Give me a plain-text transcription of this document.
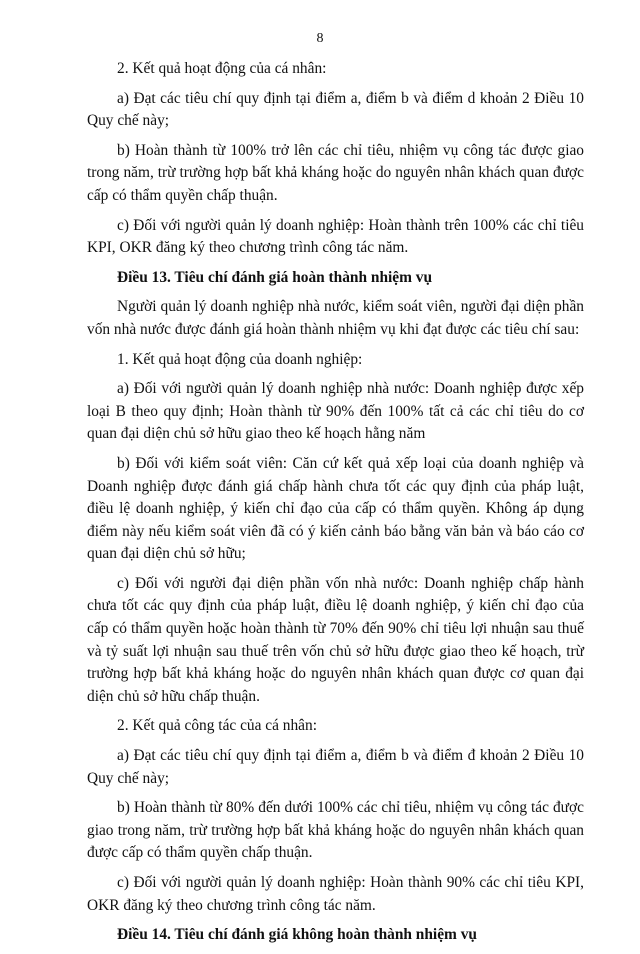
8

2. Kết quả hoạt động của cá nhân:

a) Đạt các tiêu chí quy định tại điểm a, điểm b và điểm d khoản 2 Điều 10 Quy chế này;

b) Hoàn thành từ 100% trở lên các chỉ tiêu, nhiệm vụ công tác được giao trong năm, trừ trường hợp bất khả kháng hoặc do nguyên nhân khách quan được cấp có thẩm quyền chấp thuận.

c) Đối với người quản lý doanh nghiệp: Hoàn thành trên 100% các chỉ tiêu KPI, OKR đăng ký theo chương trình công tác năm.

Điều 13. Tiêu chí đánh giá hoàn thành nhiệm vụ

Người quản lý doanh nghiệp nhà nước, kiểm soát viên, người đại diện phần vốn nhà nước được đánh giá hoàn thành nhiệm vụ khi đạt được các tiêu chí sau:

1. Kết quả hoạt động của doanh nghiệp:

a) Đối với người quản lý doanh nghiệp nhà nước: Doanh nghiệp được xếp loại B theo quy định; Hoàn thành từ 90% đến 100% tất cả các chỉ tiêu do cơ quan đại diện chủ sở hữu giao theo kế hoạch hằng năm

b) Đối với kiểm soát viên: Căn cứ kết quả xếp loại của doanh nghiệp và Doanh nghiệp được đánh giá chấp hành chưa tốt các quy định của pháp luật, điều lệ doanh nghiệp, ý kiến chỉ đạo của cấp có thẩm quyền. Không áp dụng điểm này nếu kiểm soát viên đã có ý kiến cảnh báo bằng văn bản và báo cáo cơ quan đại diện chủ sở hữu;

c) Đối với người đại diện phần vốn nhà nước: Doanh nghiệp chấp hành chưa tốt các quy định của pháp luật, điều lệ doanh nghiệp, ý kiến chỉ đạo của cấp có thẩm quyền hoặc hoàn thành từ 70% đến 90% chỉ tiêu lợi nhuận sau thuế và tỷ suất lợi nhuận sau thuế trên vốn chủ sở hữu được giao theo kế hoạch, trừ trường hợp bất khả kháng hoặc do nguyên nhân khách quan được cơ quan đại diện chủ sở hữu chấp thuận.

2. Kết quả công tác của cá nhân:

a) Đạt các tiêu chí quy định tại điểm a, điểm b và điểm đ khoản 2 Điều 10 Quy chế này;

b) Hoàn thành từ 80% đến dưới 100% các chỉ tiêu, nhiệm vụ công tác được giao trong năm, trừ trường hợp bất khả kháng hoặc do nguyên nhân khách quan được cấp có thẩm quyền chấp thuận.

c) Đối với người quản lý doanh nghiệp: Hoàn thành 90% các chỉ tiêu KPI, OKR đăng ký theo chương trình công tác năm.

Điều 14. Tiêu chí đánh giá không hoàn thành nhiệm vụ
